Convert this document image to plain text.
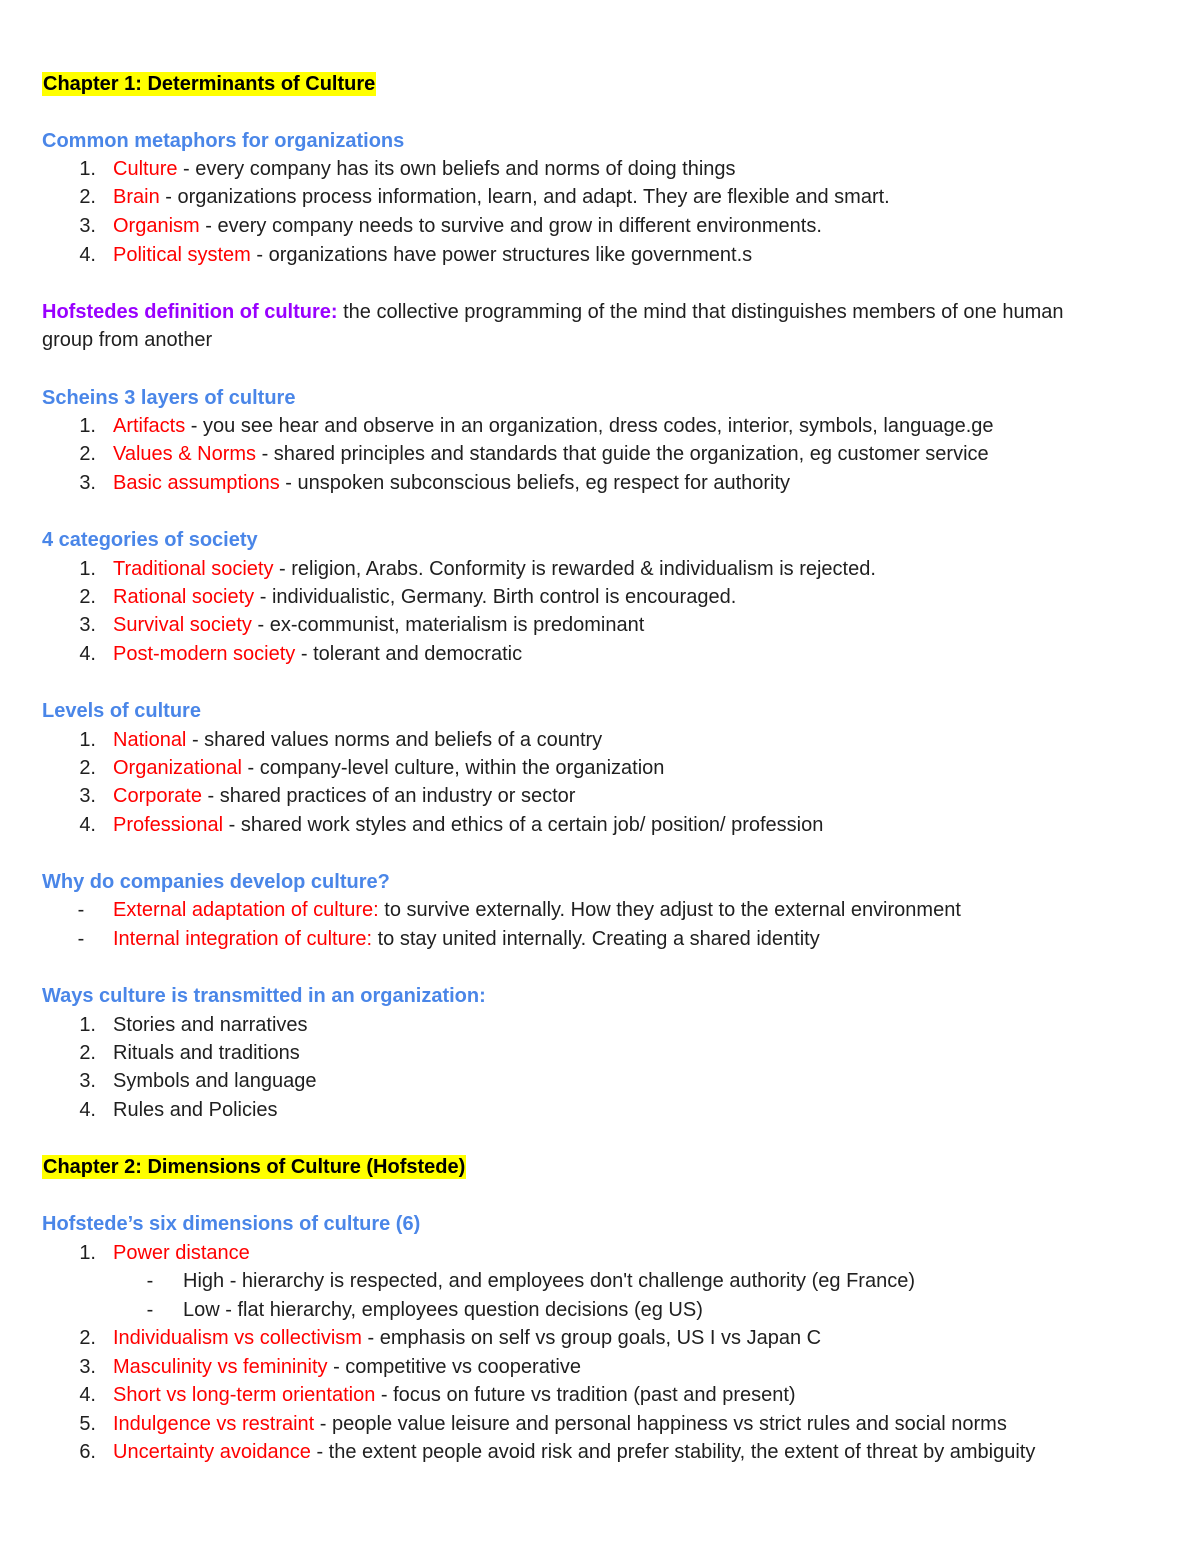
Chapter 1: Determinants of Culture
Common metaphors for organizations
1. Culture - every company has its own beliefs and norms of doing things
2. Brain - organizations process information, learn, and adapt. They are flexible and smart.
3. Organism - every company needs to survive and grow in different environments.
4. Political system - organizations have power structures like government.s
Hofstedes definition of culture: the collective programming of the mind that distinguishes members of one human
group from another
Scheins 3 layers of culture
1. Artifacts - you see hear and observe in an organization, dress codes, interior, symbols, language.ge
2. Values & Norms - shared principles and standards that guide the organization, eg customer service
3. Basic assumptions - unspoken subconscious beliefs, eg respect for authority
4 categories of society
1. Traditional society - religion, Arabs. Conformity is rewarded & individualism is rejected.
2. Rational society - individualistic, Germany. Birth control is encouraged.
3. Survival society - ex-communist, materialism is predominant
4. Post-modern society - tolerant and democratic
Levels of culture
1. National - shared values norms and beliefs of a country
2. Organizational - company-level culture, within the organization
3. Corporate - shared practices of an industry or sector
4. Professional - shared work styles and ethics of a certain job/ position/ profession
Why do companies develop culture?
-	External adaptation of culture: to survive externally. How they adjust to the external environment
-	Internal integration of culture: to stay united internally. Creating a shared identity
Ways culture is transmitted in an organization:
1. Stories and narratives
2. Rituals and traditions
3. Symbols and language
4. Rules and Policies
Chapter 2: Dimensions of Culture (Hofstede)
Hofstede’s six dimensions of culture (6)
1. Power distance
-	High - hierarchy is respected, and employees don't challenge authority (eg France)
-	Low - flat hierarchy, employees question decisions (eg US)
2. Individualism vs collectivism - emphasis on self vs group goals, US I vs Japan C
3. Masculinity vs femininity - competitive vs cooperative
4. Short vs long-term orientation - focus on future vs tradition (past and present)
5. Indulgence vs restraint - people value leisure and personal happiness vs strict rules and social norms
6. Uncertainty avoidance - the extent people avoid risk and prefer stability, the extent of threat by ambiguity
